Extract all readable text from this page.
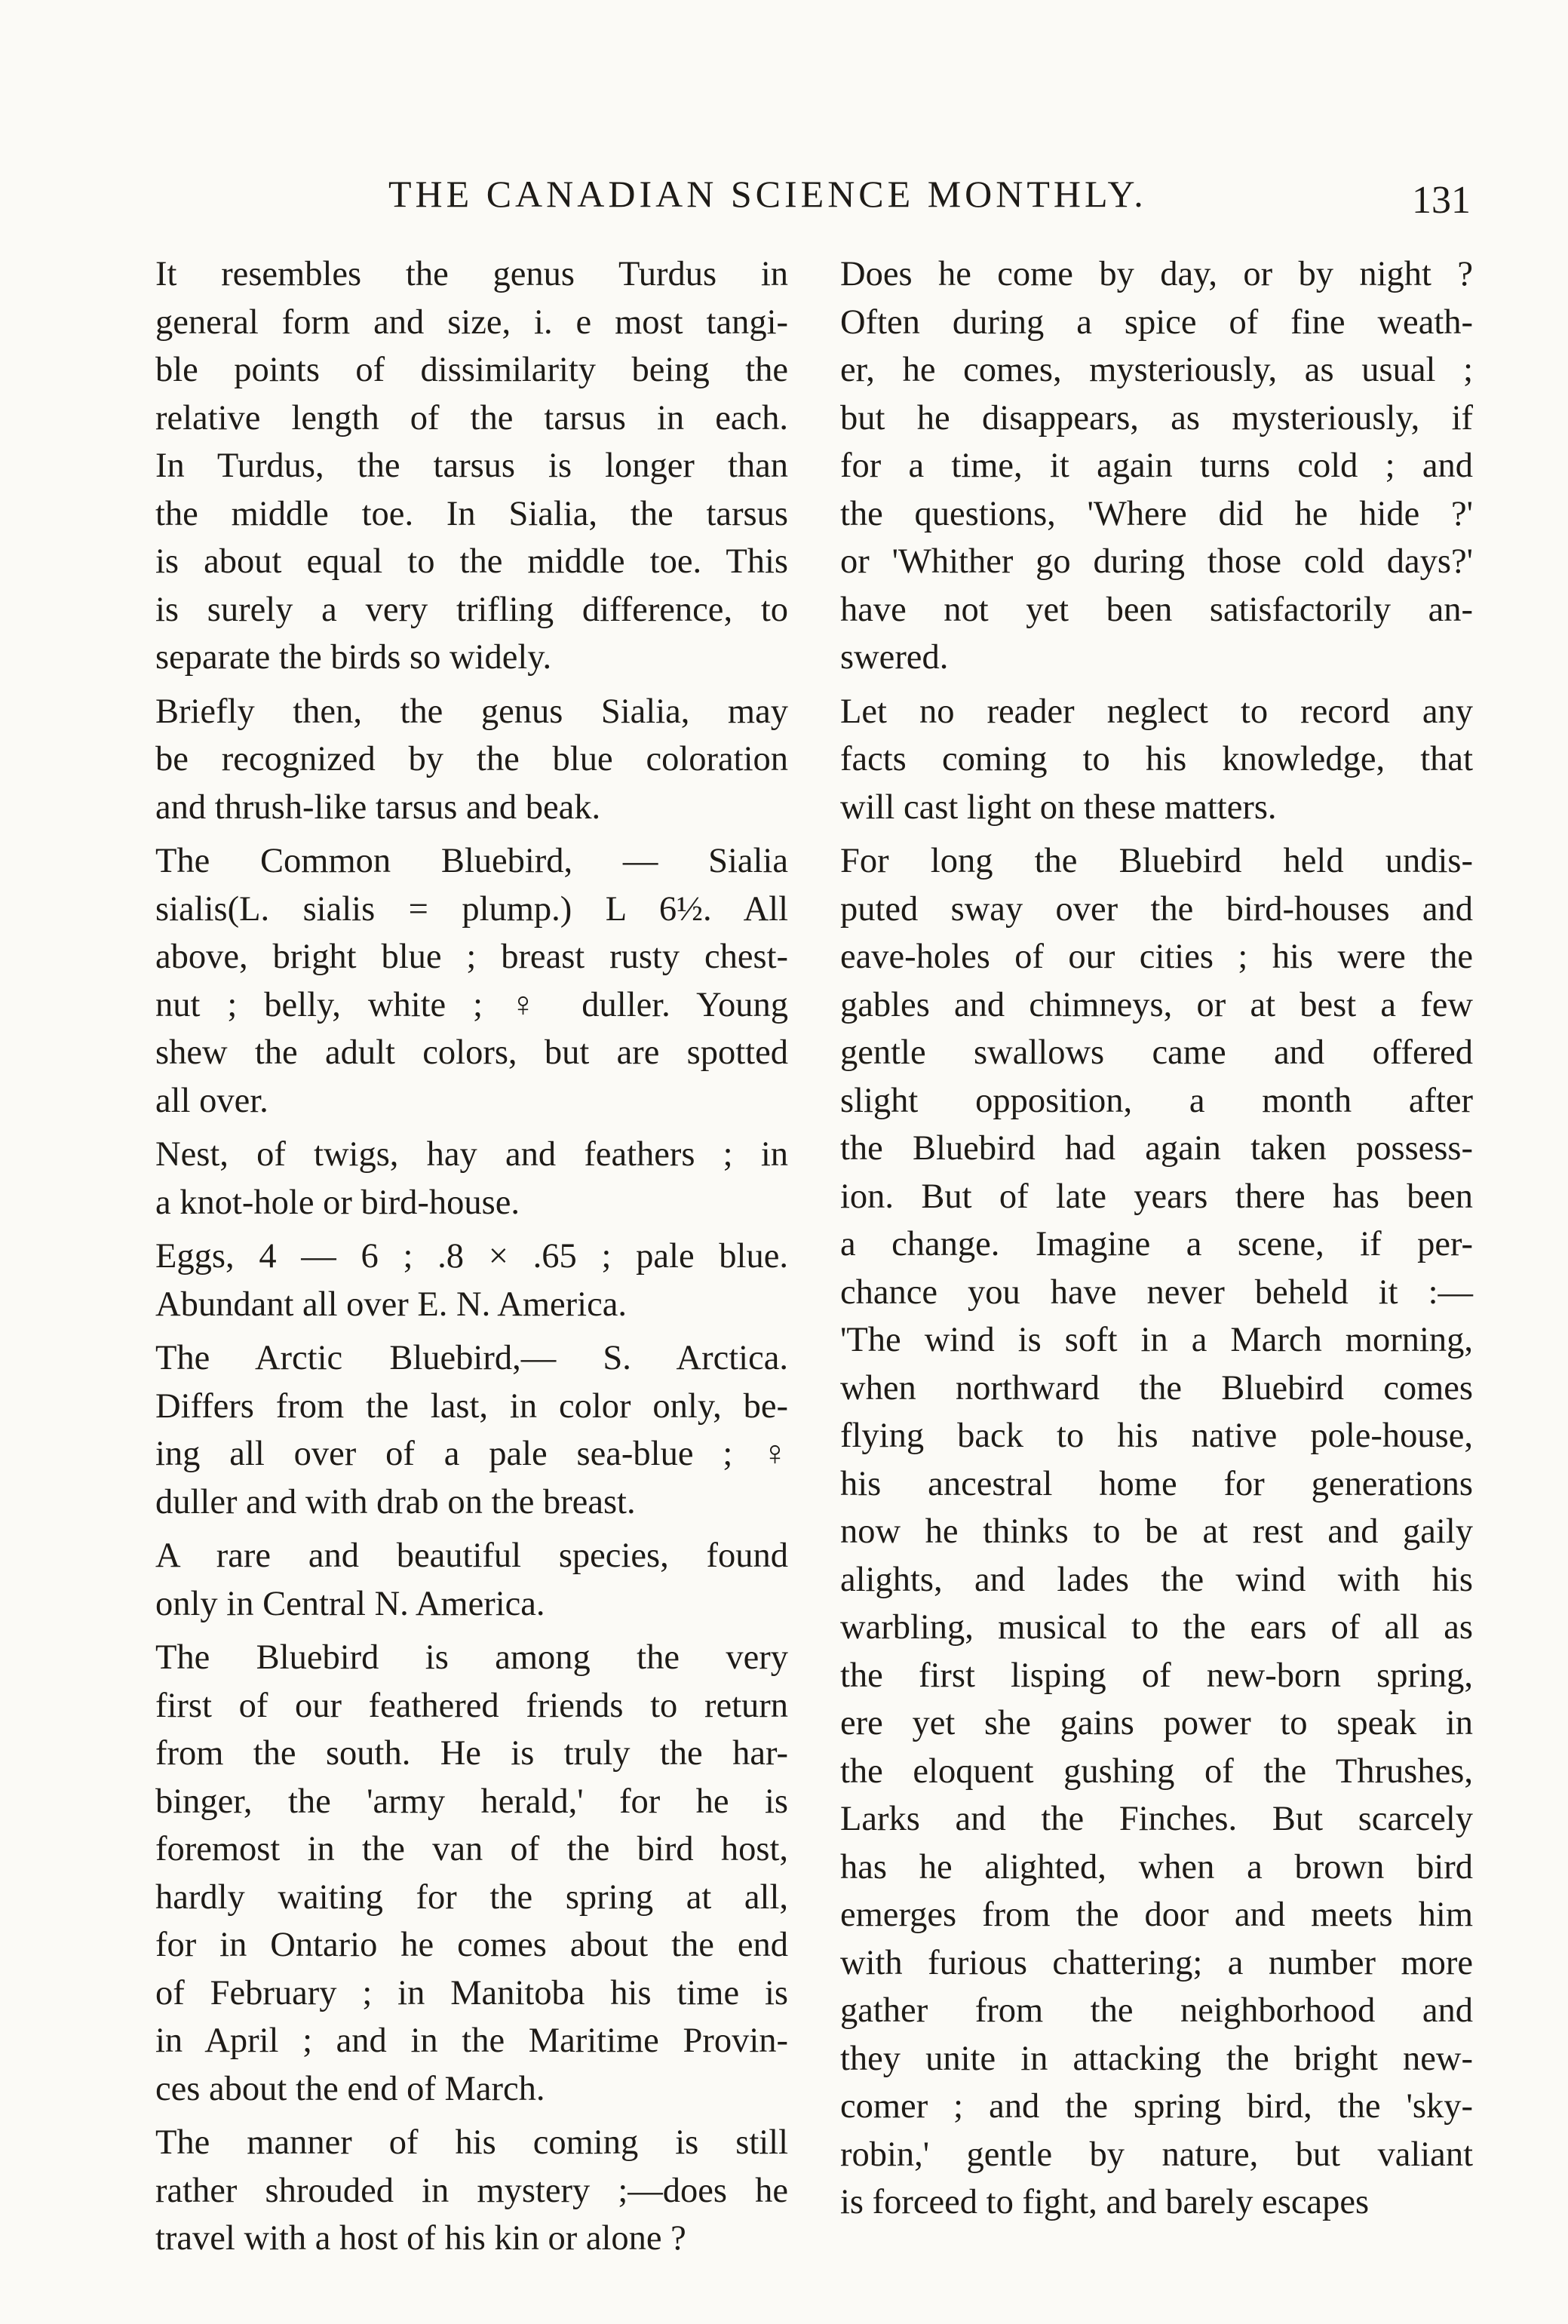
THE CANADIAN SCIENCE MONTHLY.	131
It resembles the genus Turdus in
general form and size, i. e most tangi-
ble points of dissimilarity being the
relative length of the tarsus in each.
In Turdus, the tarsus is longer than
the middle toe. In Sialia, the tarsus
is about equal to the middle toe. This
is surely a very trifling difference, to
separate the birds so widely.
Briefly then, the genus Sialia, may
be recognized by the blue coloration
and thrush-like tarsus and beak.
The Common Bluebird, — Sialia
sialis(L. sialis = plump.) L 6½. All
above, bright blue ; breast rusty chest-
nut ; belly, white ; ♀ duller. Young
shew the adult colors, but are spotted
all over.
Nest, of twigs, hay and feathers ; in
a knot-hole or bird-house.
Eggs, 4 — 6 ; .8 × .65 ; pale blue.
Abundant all over E. N. America.
The Arctic Bluebird,— S. Arctica.
Differs from the last, in color only, be-
ing all over of a pale sea-blue ; ♀
duller and with drab on the breast.
A rare and beautiful species, found
only in Central N. America.
The Bluebird is among the very
first of our feathered friends to return
from the south. He is truly the har-
binger, the 'army herald,' for he is
foremost in the van of the bird host,
hardly waiting for the spring at all,
for in Ontario he comes about the end
of February ; in Manitoba his time is
in April ; and in the Maritime Provin-
ces about the end of March.
The manner of his coming is still
rather shrouded in mystery ;—does he
travel with a host of his kin or alone ?
Does he come by day, or by night ?
Often during a spice of fine weath-
er, he comes, mysteriously, as usual ;
but he disappears, as mysteriously, if
for a time, it again turns cold ; and
the questions, 'Where did he hide ?'
or 'Whither go during those cold days?'
have not yet been satisfactorily an-
swered.
Let no reader neglect to record any
facts coming to his knowledge, that
will cast light on these matters.
For long the Bluebird held undis-
puted sway over the bird-houses and
eave-holes of our cities ; his were the
gables and chimneys, or at best a few
gentle swallows came and offered
slight opposition, a month after
the Bluebird had again taken possess-
ion. But of late years there has been
a change. Imagine a scene, if per-
chance you have never beheld it :—
'The wind is soft in a March morning,
when northward the Bluebird comes
flying back to his native pole-house,
his ancestral home for generations
now he thinks to be at rest and gaily
alights, and lades the wind with his
warbling, musical to the ears of all as
the first lisping of new-born spring,
ere yet she gains power to speak in
the eloquent gushing of the Thrushes,
Larks and the Finches. But scarcely
has he alighted, when a brown bird
emerges from the door and meets him
with furious chattering; a number more
gather from the neighborhood and
they unite in attacking the bright new-
comer ; and the spring bird, the 'sky-
robin,' gentle by nature, but valiant
is forceed to fight, and barely escapes
